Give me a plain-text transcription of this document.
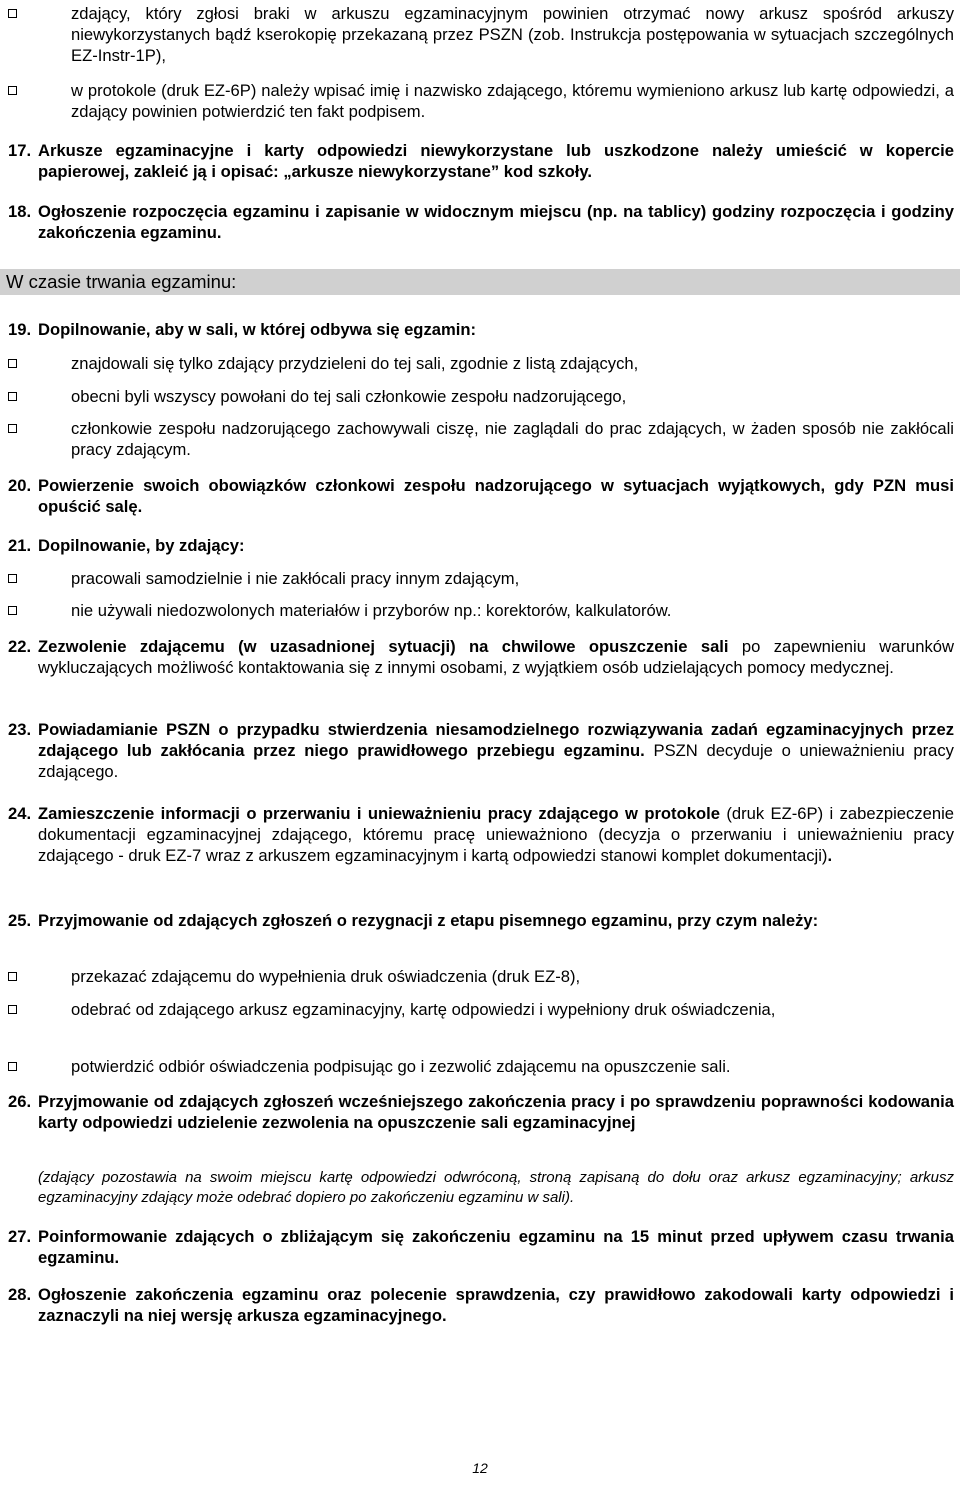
zdający, który zgłosi braki w arkuszu egzaminacyjnym powinien otrzymać nowy arkusz spośród arkuszy niewykorzystanych bądź kserokopię przekazaną przez PSZN (zob. Instrukcja postępowania w sytuacjach szczególnych EZ-Instr-1P),
w protokole (druk EZ-6P) należy wpisać imię i nazwisko zdającego, któremu wymieniono arkusz lub kartę odpowiedzi, a zdający powinien potwierdzić ten fakt podpisem.
17. Arkusze egzaminacyjne i karty odpowiedzi niewykorzystane lub uszkodzone należy umieścić w kopercie papierowej, zakleić ją i opisać: „arkusze niewykorzystane” kod szkoły.
18. Ogłoszenie rozpoczęcia egzaminu i zapisanie w widocznym miejscu (np. na tablicy) godziny rozpoczęcia i godziny zakończenia egzaminu.
W czasie trwania egzaminu:
19. Dopilnowanie, aby w sali, w której odbywa się egzamin:
znajdowali się tylko zdający przydzieleni do tej sali, zgodnie z listą zdających,
obecni byli wszyscy powołani do tej sali członkowie zespołu nadzorującego,
członkowie zespołu nadzorującego zachowywali ciszę, nie zaglądali do prac zdających, w żaden sposób nie zakłócali pracy zdającym.
20. Powierzenie swoich obowiązków członkowi zespołu nadzorującego w sytuacjach wyjątkowych, gdy PZN musi opuścić salę.
21. Dopilnowanie, by zdający:
pracowali samodzielnie i nie zakłócali pracy innym zdającym,
nie używali niedozwolonych materiałów i przyborów np.: korektorów, kalkulatorów.
22. Zezwolenie zdającemu (w uzasadnionej sytuacji) na chwilowe opuszczenie sali po zapewnieniu warunków wykluczających możliwość kontaktowania się z innymi osobami, z wyjątkiem osób udzielających pomocy medycznej.
23. Powiadamianie PSZN o przypadku stwierdzenia niesamodzielnego rozwiązywania zadań egzaminacyjnych przez zdającego lub zakłócania przez niego prawidłowego przebiegu egzaminu. PSZN decyduje o unieważnieniu pracy zdającego.
24. Zamieszczenie informacji o przerwaniu i unieważnieniu pracy zdającego w protokole (druk EZ-6P) i zabezpieczenie dokumentacji egzaminacyjnej zdającego, któremu pracę unieważniono (decyzja o przerwaniu i unieważnieniu pracy zdającego - druk EZ-7 wraz z arkuszem egzaminacyjnym i kartą odpowiedzi stanowi komplet dokumentacji).
25. Przyjmowanie od zdających zgłoszeń o rezygnacji z etapu pisemnego egzaminu, przy czym należy:
przekazać zdającemu do wypełnienia druk oświadczenia (druk EZ-8),
odebrać od zdającego arkusz egzaminacyjny, kartę odpowiedzi i wypełniony druk oświadczenia,
potwierdzić odbiór oświadczenia podpisując go i zezwolić zdającemu na opuszczenie sali.
26. Przyjmowanie od zdających zgłoszeń wcześniejszego zakończenia pracy i po sprawdzeniu poprawności kodowania karty odpowiedzi udzielenie zezwolenia na opuszczenie sali egzaminacyjnej
(zdający pozostawia na swoim miejscu kartę odpowiedzi odwróconą, stroną zapisaną do dołu oraz arkusz egzaminacyjny; arkusz egzaminacyjny zdający może odebrać dopiero po zakończeniu egzaminu w sali).
27. Poinformowanie zdających o zbliżającym się zakończeniu egzaminu na 15 minut przed upływem czasu trwania egzaminu.
28. Ogłoszenie zakończenia egzaminu oraz polecenie sprawdzenia, czy prawidłowo zakodowali karty odpowiedzi i zaznaczyli na niej wersję arkusza egzaminacyjnego.
12
